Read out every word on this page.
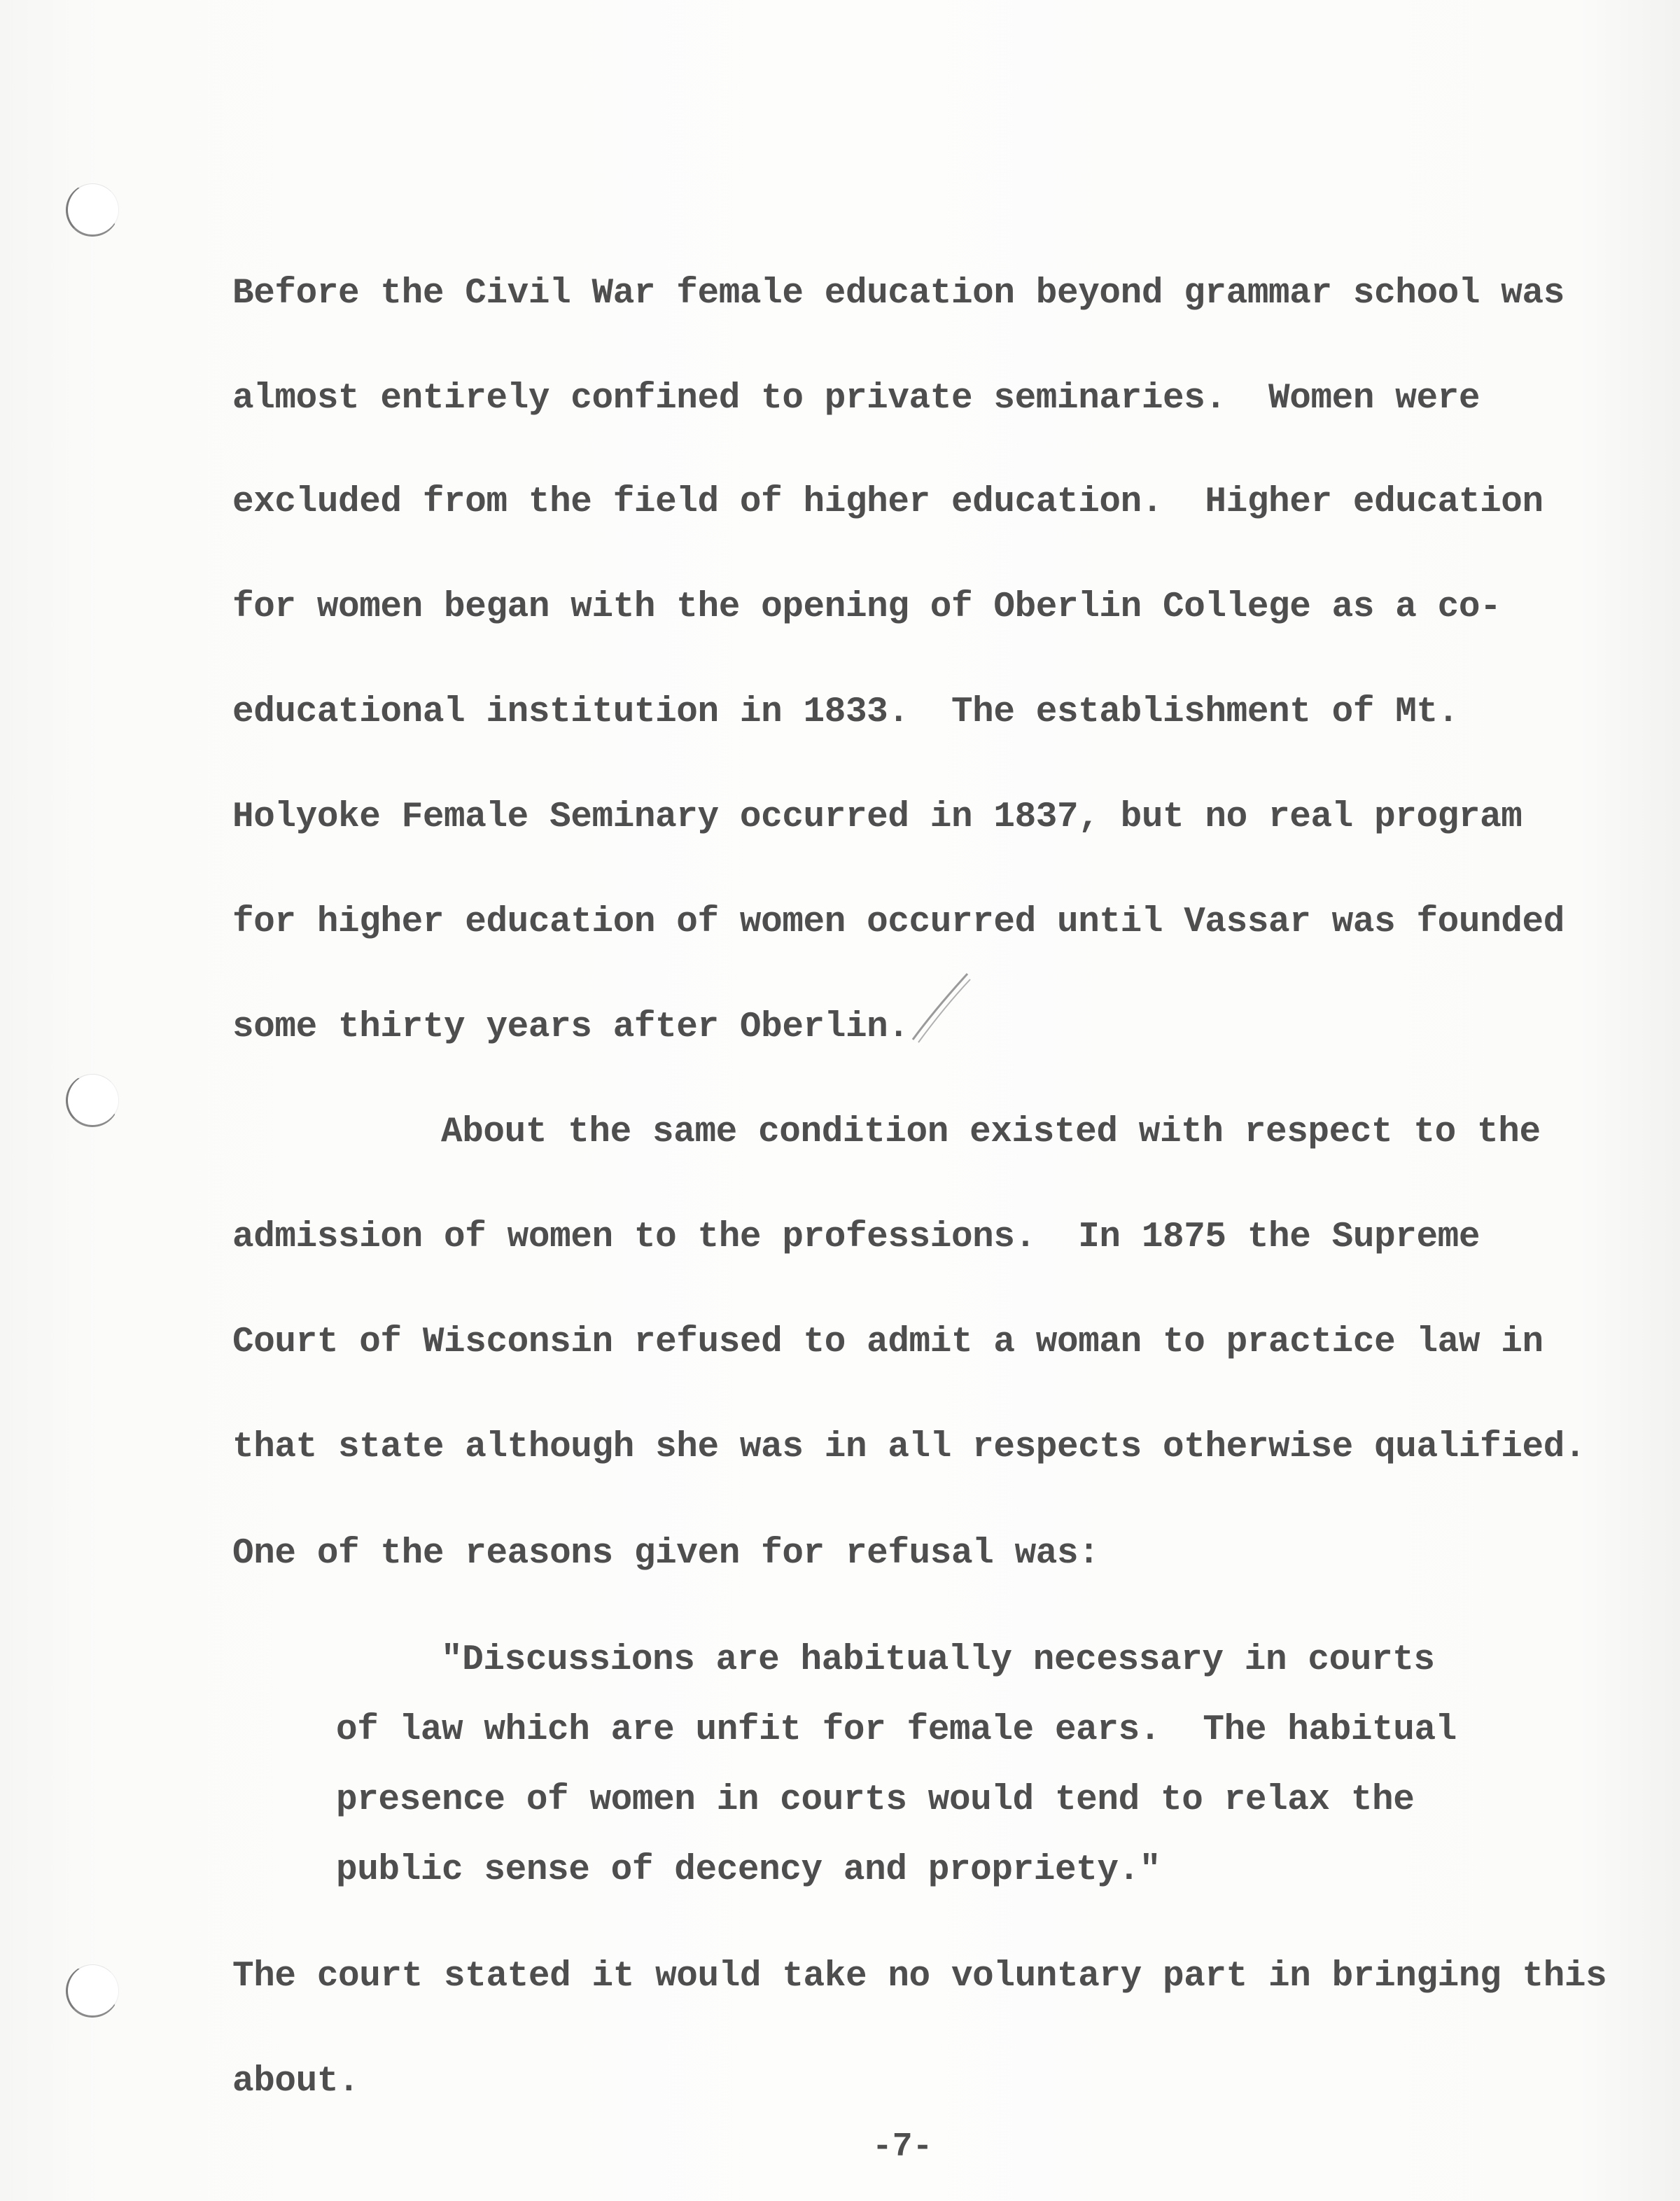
Before the Civil War female education beyond grammar school was

almost entirely confined to private seminaries.  Women were

excluded from the field of higher education.  Higher education

for women began with the opening of Oberlin College as a co-

educational institution in 1833.  The establishment of Mt.

Holyoke Female Seminary occurred in 1837, but no real program

for higher education of women occurred until Vassar was founded

some thirty years after Oberlin.

About the same condition existed with respect to the

admission of women to the professions.  In 1875 the Supreme

Court of Wisconsin refused to admit a woman to practice law in

that state although she was in all respects otherwise qualified.

One of the reasons given for refusal was:

"Discussions are habitually necessary in courts

of law which are unfit for female ears.  The habitual

presence of women in courts would tend to relax the

public sense of decency and propriety."

The court stated it would take no voluntary part in bringing this

about.

-7-
